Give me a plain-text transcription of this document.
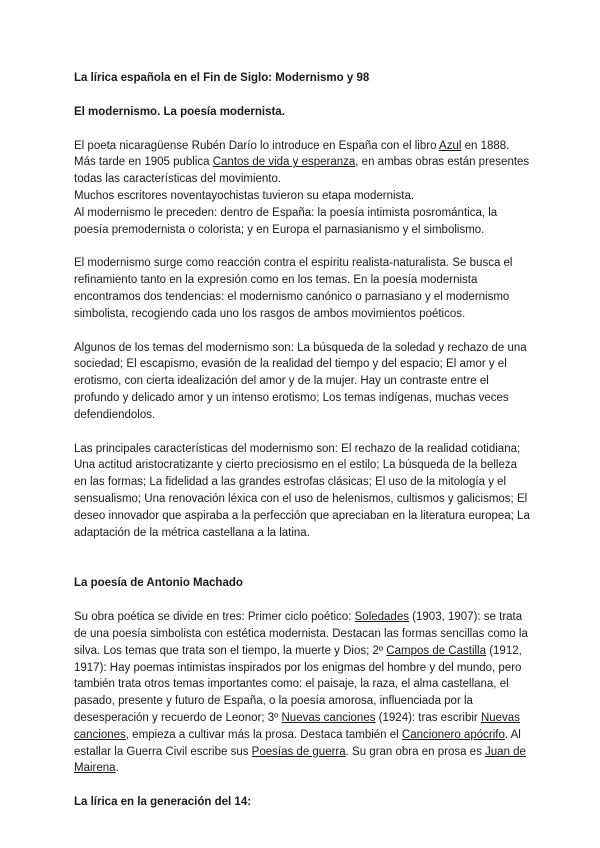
La lírica española en el Fin de Siglo: Modernismo y 98

El modernismo. La poesía modernista.

El poeta nicaragüense Rubén Darío lo introduce en España con el libro Azul en 1888. Más tarde en 1905 publica Cantos de vida y esperanza, en ambas obras están presentes todas las características del movimiento.

Muchos escritores noventayochistas tuvieron su etapa modernista.

Al modernismo le preceden: dentro de España: la poesía intimista posromántica, la poesía premodernista o colorista; y en Europa el parnasianismo y el simbolismo.

El modernismo surge como reacción contra el espíritu realista-naturalista. Se busca el refinamiento tanto en la expresión como en los temas. En la poesía modernista encontramos dos tendencias: el modernismo canónico o parnasiano y el modernismo simbolista, recogiendo cada uno los rasgos de ambos movimientos poéticos.

Algunos de los temas del modernismo son: La búsqueda de la soledad y rechazo de una sociedad; El escapismo, evasión de la realidad del tiempo y del espacio; El amor y el erotismo, con cierta idealización del amor y de la mujer. Hay un contraste entre el profundo y delicado amor y un intenso erotismo; Los temas indígenas, muchas veces defendiendolos.

Las principales características del modernismo son: El rechazo de la realidad cotidiana; Una actitud aristocratizante y cierto preciosismo en el estilo; La búsqueda de la belleza en las formas; La fidelidad a las grandes estrofas clásicas; El uso de la mitología y el sensualismo; Una renovación léxica con el uso de helenismos, cultismos y galicismos; El deseo innovador que aspiraba a la perfección que apreciaban en la literatura europea; La adaptación de la métrica castellana a la latina.

La poesía de Antonio Machado

Su obra poética se divide en tres: Primer ciclo poético: Soledades (1903, 1907): se trata de una poesía simbolista con estética modernista. Destacan las formas sencillas como la silva. Los temas que trata son el tiempo, la muerte y Dios; 2º Campos de Castilla (1912, 1917): Hay poemas intimistas inspirados por los enigmas del hombre y del mundo, pero también trata otros temas importantes como: el paisaje, la raza, el alma castellana, el pasado, presente y futuro de España, o la poesía amorosa, influenciada por la desesperación y recuerdo de Leonor; 3º Nuevas canciones (1924): tras escribir Nuevas canciones, empieza a cultivar más la prosa. Destaca también el Cancionero apócrifo. Al estallar la Guerra Civil escribe sus Poesías de guerra. Su gran obra en prosa es Juan de Mairena.

La lírica en la generación del 14:
